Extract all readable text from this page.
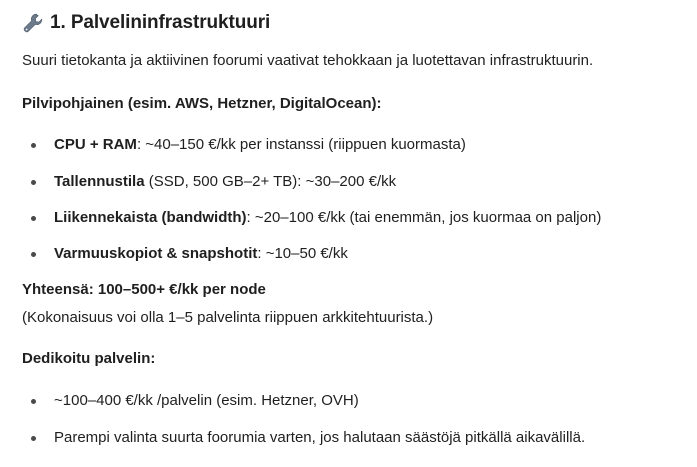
1. Palvelininfrastruktuuri

Suuri tietokanta ja aktiivinen foorumi vaativat tehokkaan ja luotettavan infrastruktuurin.

Pilvipohjainen (esim. AWS, Hetzner, DigitalOcean):

CPU + RAM: ~40–150 €/kk per instanssi (riippuen kuormasta)
Tallennustila (SSD, 500 GB–2+ TB): ~30–200 €/kk
Liikennekaista (bandwidth): ~20–100 €/kk (tai enemmän, jos kuormaa on paljon)
Varmuuskopiot & snapshotit: ~10–50 €/kk

Yhteensä: 100–500+ €/kk per node

(Kokonaisuus voi olla 1–5 palvelinta riippuen arkkitehtuurista.)

Dedikoitu palvelin:

~100–400 €/kk /palvelin (esim. Hetzner, OVH)
Parempi valinta suurta foorumia varten, jos halutaan säästöjä pitkällä aikavälillä.
